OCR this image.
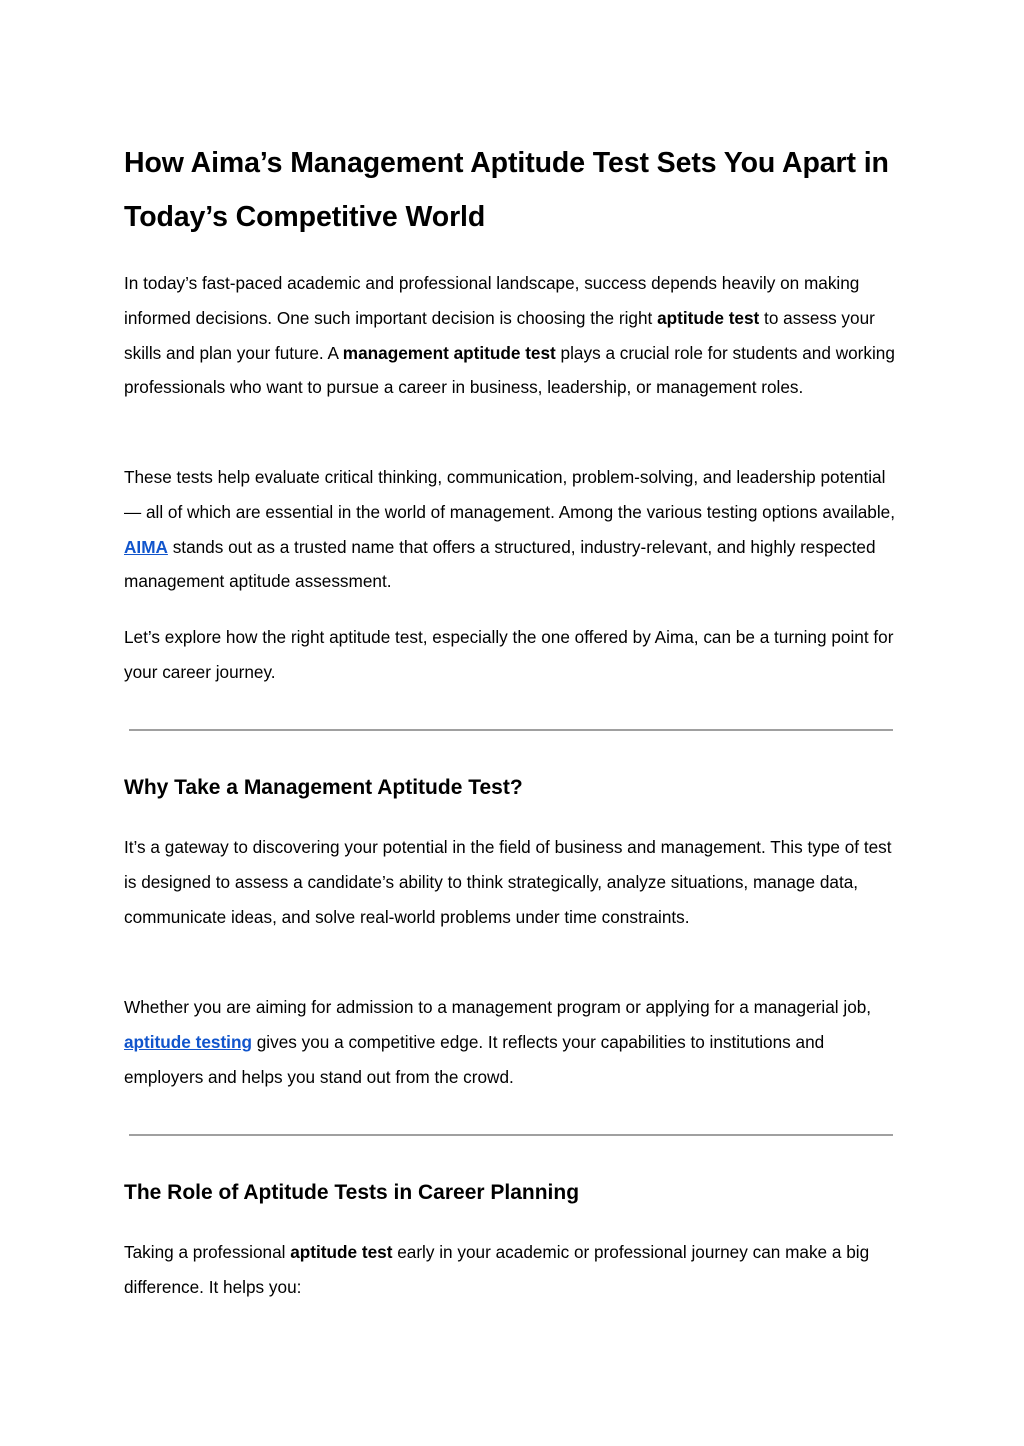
How Aima’s Management Aptitude Test Sets You Apart in Today’s Competitive World

In today’s fast-paced academic and professional landscape, success depends heavily on making informed decisions. One such important decision is choosing the right aptitude test to assess your skills and plan your future. A management aptitude test plays a crucial role for students and working professionals who want to pursue a career in business, leadership, or management roles.

These tests help evaluate critical thinking, communication, problem-solving, and leadership potential — all of which are essential in the world of management. Among the various testing options available, AIMA stands out as a trusted name that offers a structured, industry-relevant, and highly respected management aptitude assessment.

Let’s explore how the right aptitude test, especially the one offered by Aima, can be a turning point for your career journey.

Why Take a Management Aptitude Test?

It’s a gateway to discovering your potential in the field of business and management. This type of test is designed to assess a candidate’s ability to think strategically, analyze situations, manage data, communicate ideas, and solve real-world problems under time constraints.

Whether you are aiming for admission to a management program or applying for a managerial job, aptitude testing gives you a competitive edge. It reflects your capabilities to institutions and employers and helps you stand out from the crowd.

The Role of Aptitude Tests in Career Planning

Taking a professional aptitude test early in your academic or professional journey can make a big difference. It helps you:
